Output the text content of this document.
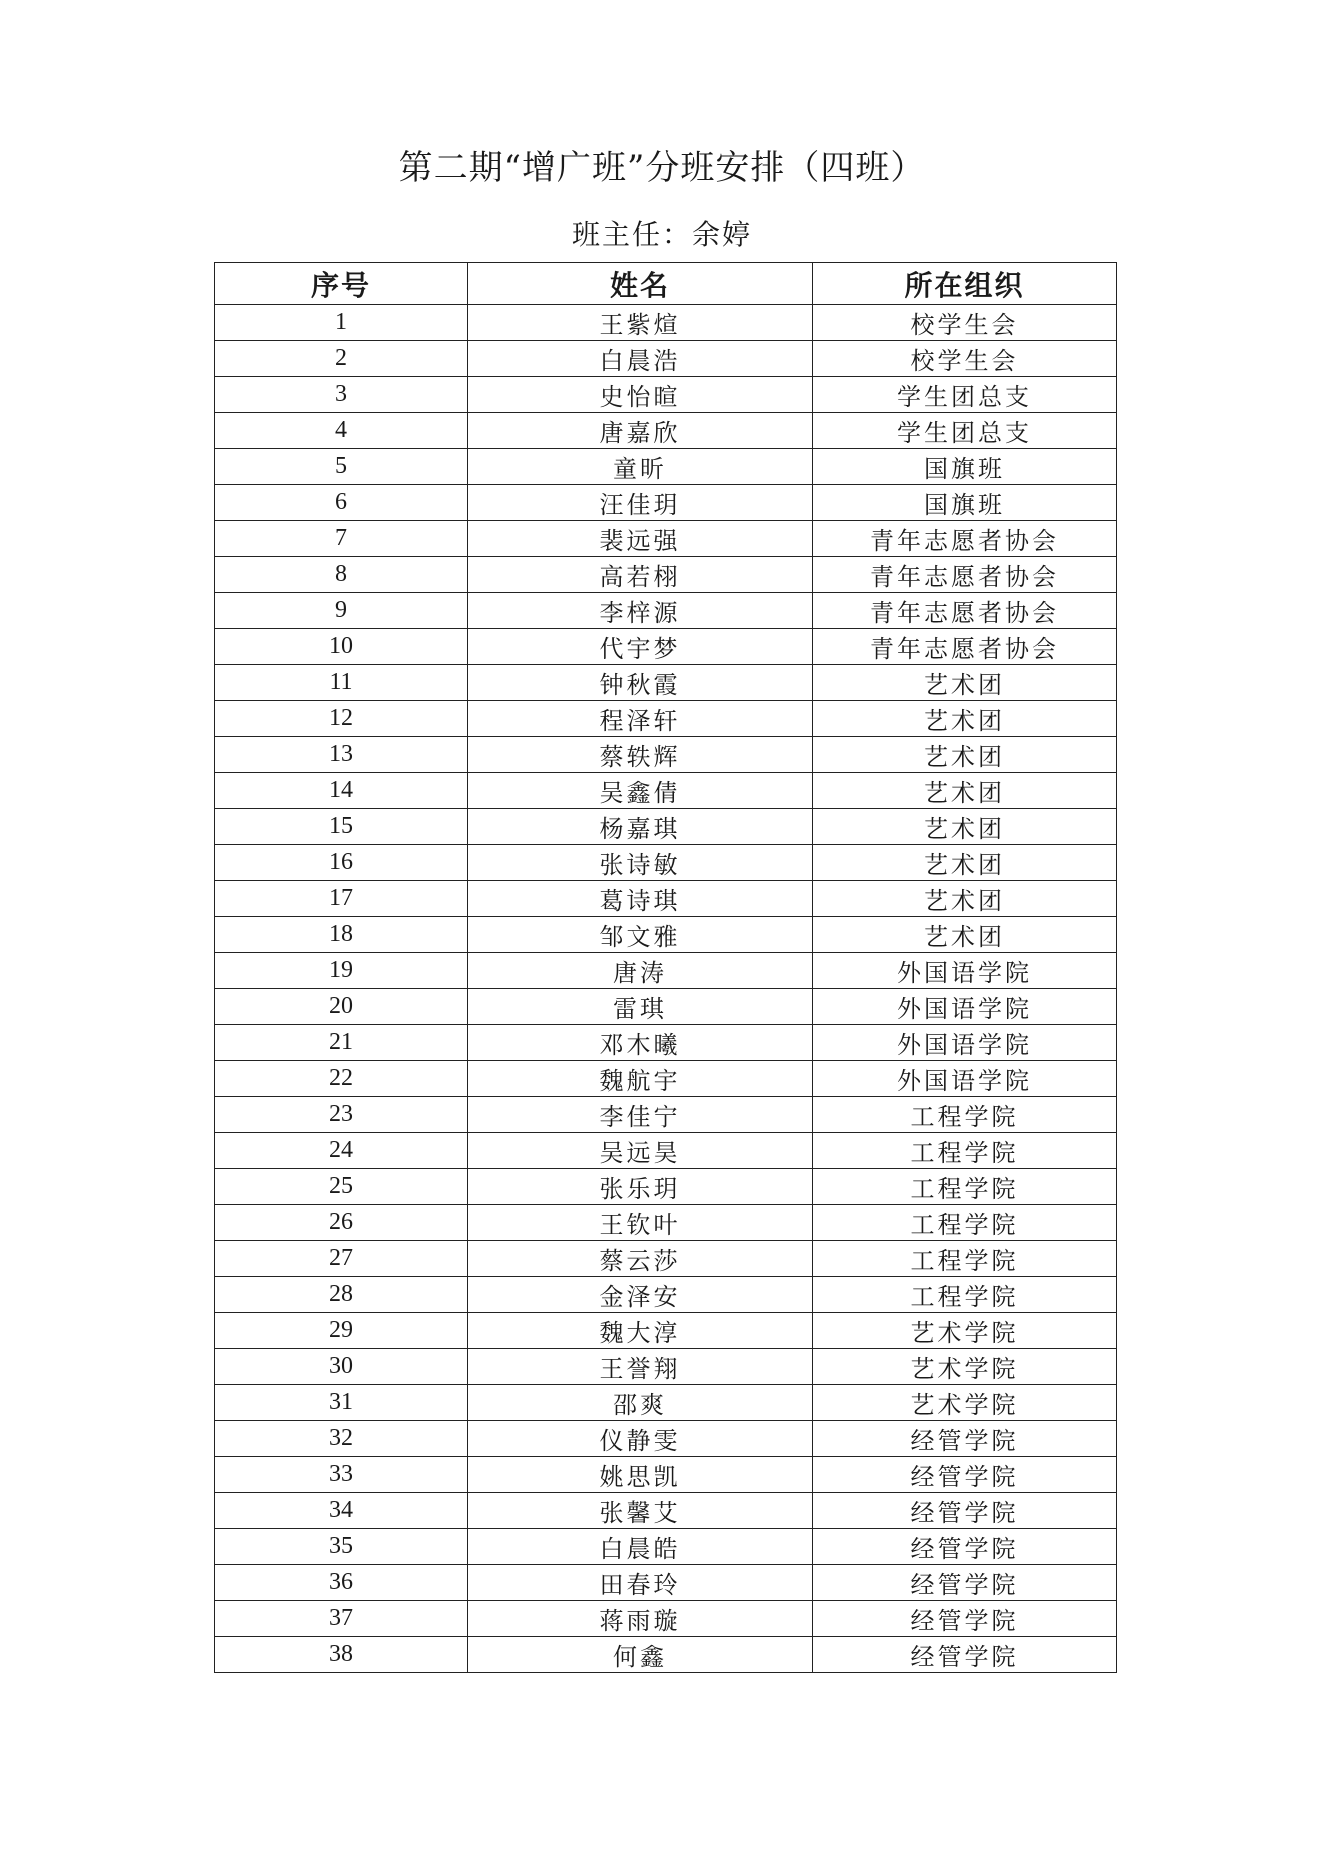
第二期“增广班”分班安排（四班）
班主任：余婷
序号	姓名	所在组织
1	王紫煊	校学生会
2	白晨浩	校学生会
3	史怡暄	学生团总支
4	唐嘉欣	学生团总支
5	童昕	国旗班
6	汪佳玥	国旗班
7	裴远强	青年志愿者协会
8	高若栩	青年志愿者协会
9	李梓源	青年志愿者协会
10	代宇梦	青年志愿者协会
11	钟秋霞	艺术团
12	程泽轩	艺术团
13	蔡轶辉	艺术团
14	吴鑫倩	艺术团
15	杨嘉琪	艺术团
16	张诗敏	艺术团
17	葛诗琪	艺术团
18	邹文雅	艺术团
19	唐涛	外国语学院
20	雷琪	外国语学院
21	邓木曦	外国语学院
22	魏航宇	外国语学院
23	李佳宁	工程学院
24	吴远昊	工程学院
25	张乐玥	工程学院
26	王钦叶	工程学院
27	蔡云莎	工程学院
28	金泽安	工程学院
29	魏大淳	艺术学院
30	王誉翔	艺术学院
31	邵爽	艺术学院
32	仪静雯	经管学院
33	姚思凯	经管学院
34	张馨艾	经管学院
35	白晨皓	经管学院
36	田春玲	经管学院
37	蒋雨璇	经管学院
38	何鑫	经管学院
